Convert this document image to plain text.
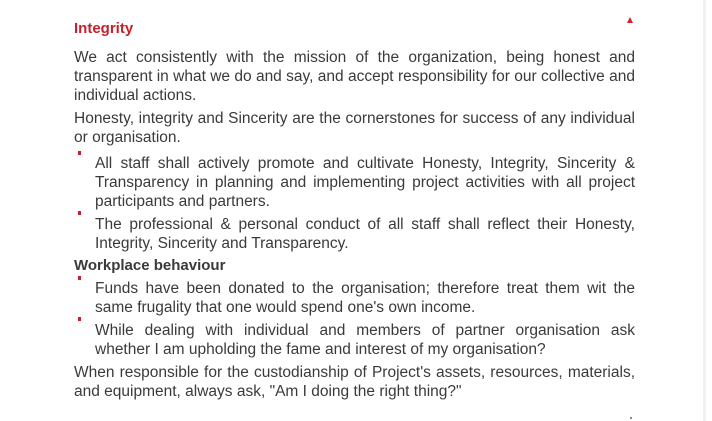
Integrity

We act consistently with the mission of the organization, being honest and transparent in what we do and say, and accept responsibility for our collective and individual actions.

Honesty, integrity and Sincerity are the cornerstones for success of any individual or organisation.

All staff shall actively promote and cultivate Honesty, Integrity, Sincerity & Transparency in planning and implementing project activities with all project participants and partners.

The professional & personal conduct of all staff shall reflect their Honesty, Integrity, Sincerity and Transparency.

Workplace behaviour

Funds have been donated to the organisation; therefore treat them wit the same frugality that one would spend one's own income.

While dealing with individual and members of partner organisation ask whether I am upholding the fame and interest of my organisation?

When responsible for the custodianship of Project's assets, resources, materials, and equipment, always ask, "Am I doing the right thing?"
